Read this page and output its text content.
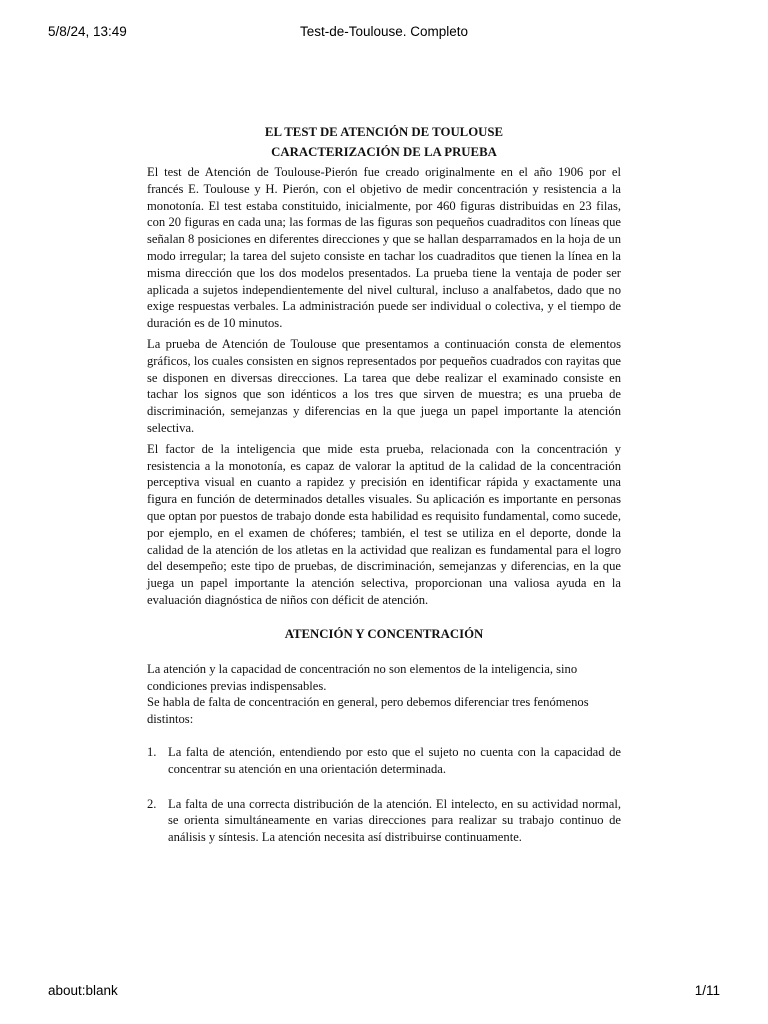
5/8/24, 13:49	Test-de-Toulouse. Completo
EL TEST DE ATENCIÓN DE TOULOUSE
CARACTERIZACIÓN DE LA PRUEBA

El test de Atención de Toulouse-Pierón fue creado originalmente en el año 1906 por el francés E. Toulouse y H. Pierón, con el objetivo de medir concentración y resistencia a la monotonía. El test estaba constituido, inicialmente, por 460 figuras distribuidas en 23 filas, con 20 figuras en cada una; las formas de las figuras son pequeños cuadraditos con líneas que señalan 8 posiciones en diferentes direcciones y que se hallan desparramados en la hoja de un modo irregular; la tarea del sujeto consiste en tachar los cuadraditos que tienen la línea en la misma dirección que los dos modelos presentados. La prueba tiene la ventaja de poder ser aplicada a sujetos independientemente del nivel cultural, incluso a analfabetos, dado que no exige respuestas verbales. La administración puede ser individual o colectiva, y el tiempo de duración es de 10 minutos.

La prueba de Atención de Toulouse que presentamos a continuación consta de elementos gráficos, los cuales consisten en signos representados por pequeños cuadrados con rayitas que se disponen en diversas direcciones. La tarea que debe realizar el examinado consiste en tachar los signos que son idénticos a los tres que sirven de muestra; es una prueba de discriminación, semejanzas y diferencias en la que juega un papel importante la atención selectiva.

El factor de la inteligencia que mide esta prueba, relacionada con la concentración y resistencia a la monotonía, es capaz de valorar la aptitud de la calidad de la concentración perceptiva visual en cuanto a rapidez y precisión en identificar rápida y exactamente una figura en función de determinados detalles visuales. Su aplicación es importante en personas que optan por puestos de trabajo donde esta habilidad es requisito fundamental, como sucede, por ejemplo, en el examen de chóferes; también, el test se utiliza en el deporte, donde la calidad de la atención de los atletas en la actividad que realizan es fundamental para el logro del desempeño; este tipo de pruebas, de discriminación, semejanzas y diferencias, en la que juega un papel importante la atención selectiva, proporcionan una valiosa ayuda en la evaluación diagnóstica de niños con déficit de atención.

ATENCIÓN Y CONCENTRACIÓN

La atención y la capacidad de concentración no son elementos de la inteligencia, sino condiciones previas indispensables.

Se habla de falta de concentración en general, pero debemos diferenciar tres fenómenos distintos:

1. La falta de atención, entendiendo por esto que el sujeto no cuenta con la capacidad de concentrar su atención en una orientación determinada.
2. La falta de una correcta distribución de la atención. El intelecto, en su actividad normal, se orienta simultáneamente en varias direcciones para realizar su trabajo continuo de análisis y síntesis. La atención necesita así distribuirse continuamente.
about:blank	1/11
